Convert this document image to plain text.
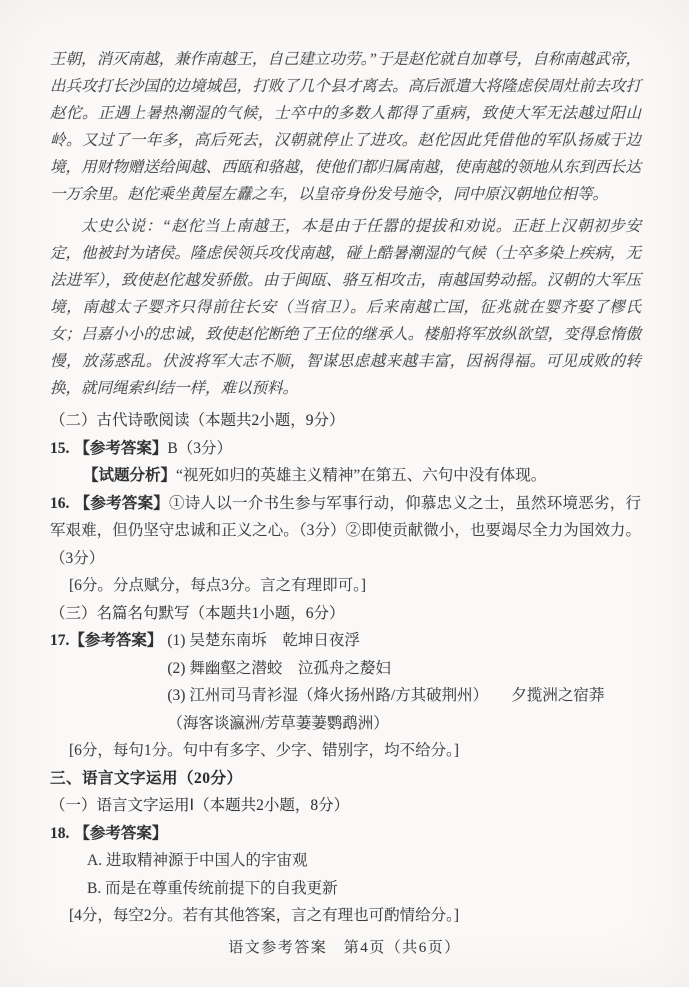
王朝，消灭南越，兼作南越王，自己建立功劳。”于是赵佗就自加尊号，自称南越武帝，出兵攻打长沙国的边境城邑，打败了几个县才离去。高后派遣大将隆虑侯周灶前去攻打赵佗。正遇上暑热潮湿的气候，士卒中的多数人都得了重病，致使大军无法越过阳山岭。又过了一年多，高后死去，汉朝就停止了进攻。赵佗因此凭借他的军队扬威于边境，用财物赠送给闽越、西瓯和骆越，使他们都归属南越，使南越的领地从东到西长达一万余里。赵佗乘坐黄屋左纛之车，以皇帝身份发号施令，同中原汉朝地位相等。

太史公说：“赵佗当上南越王，本是由于任嚣的提拔和劝说。正赶上汉朝初步安定，他被封为诸侯。隆虑侯领兵攻伐南越，碰上酷暑潮湿的气候（士卒多染上疾病，无法进军），致使赵佗越发骄傲。由于闽瓯、骆互相攻击，南越国势动摇。汉朝的大军压境，南越太子婴齐只得前往长安（当宿卫）。后来南越亡国，征兆就在婴齐娶了樛氏女；吕嘉小小的忠诚，致使赵佗断绝了王位的继承人。楼船将军放纵欲望，变得怠惰傲慢，放荡惑乱。伏波将军大志不顺，智谋思虑越来越丰富，因祸得福。可见成败的转换，就同绳索纠结一样，难以预料。

（二）古代诗歌阅读（本题共2小题，9分）

15. 【参考答案】B（3分）

【试题分析】“视死如归的英雄主义精神”在第五、六句中没有体现。

16. 【参考答案】①诗人以一介书生参与军事行动，仰慕忠义之士，虽然环境恶劣，行军艰难，但仍坚守忠诚和正义之心。（3分）②即使贡献微小，也要竭尽全力为国效力。（3分）

[6分。分点赋分，每点3分。言之有理即可。]

（三）名篇名句默写（本题共1小题，6分）

17.【参考答案】 (1) 吴楚东南坼　乾坤日夜浮
(2) 舞幽壑之潜蛟　泣孤舟之嫠妇
(3) 江州司马青衫湿（烽火扬州路/方其破荆州）　　夕揽洲之宿莽
（海客谈瀛洲/芳草萋萋鹦鹉洲）

[6分，每句1分。句中有多字、少字、错别字，均不给分。]

三、语言文字运用（20分）

（一）语言文字运用Ⅰ（本题共2小题，8分）

18. 【参考答案】

A. 进取精神源于中国人的宇宙观

B. 而是在尊重传统前提下的自我更新

[4分，每空2分。若有其他答案，言之有理也可酌情给分。]

语文参考答案　第4页（共6页）
